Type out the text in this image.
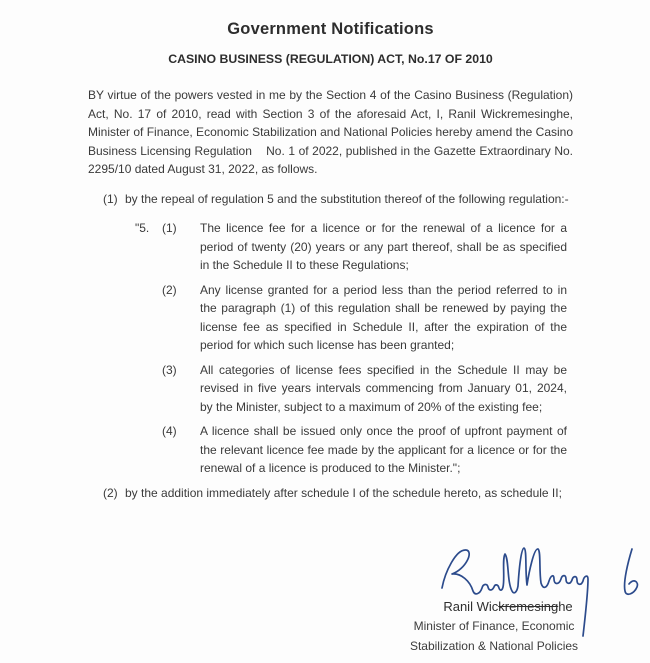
Government Notifications
CASINO BUSINESS (REGULATION) ACT, No.17 OF 2010

BY virtue of the powers vested in me by the Section 4 of the Casino Business (Regulation) Act, No. 17 of 2010, read with Section 3 of the aforesaid Act, I, Ranil Wickremesinghe, Minister of Finance, Economic Stabilization and National Policies hereby amend the Casino Business Licensing Regulation    No. 1 of 2022, published in the Gazette Extraordinary No. 2295/10 dated August 31, 2022, as follows.

(1) by the repeal of regulation 5 and the substitution thereof of the following regulation:-
"5.	(1)	The licence fee for a licence or for the renewal of a licence for a period of twenty (20) years or any part thereof, shall be as specified in the Schedule II to these Regulations;
(2)	Any license granted for a period less than the period referred to in the paragraph (1) of this regulation shall be renewed by paying the license fee as specified in Schedule II, after the expiration of the period for which such license has been granted;
(3)	All categories of license fees specified in the Schedule II may be revised in five years intervals commencing from January 01, 2024, by the Minister, subject to a maximum of 20% of the existing fee;
(4)	A licence shall be issued only once the proof of upfront payment of the relevant licence fee made by the applicant for a licence or for the renewal of a licence is produced to the Minister.";
(2) by the addition immediately after schedule I of the schedule hereto, as schedule II;
Ranil Wickremesinghe
Minister of Finance, Economic
Stabilization & National Policies
